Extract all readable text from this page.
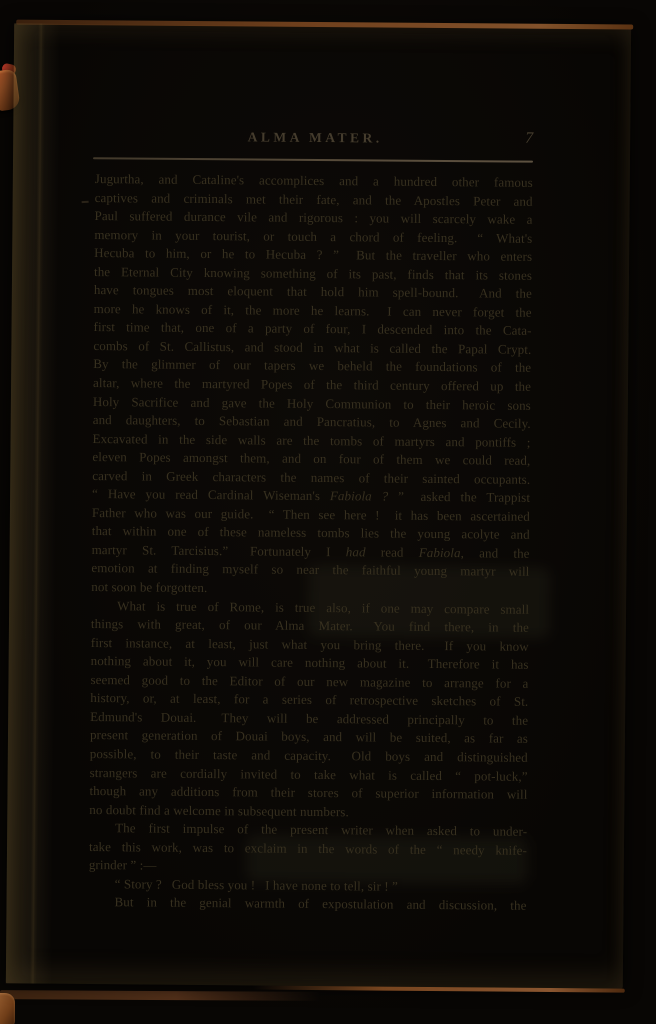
ALMA MATER.	7
Jugurtha, and Cataline's accomplices and a hundred other famous
captives and criminals met their fate, and the Apostles Peter and
Paul suffered durance vile and rigorous : you will scarcely wake a
memory in your tourist, or touch a chord of feeling.  “ What's
Hecuba to him, or he to Hecuba ? ”  But the traveller who enters
the Eternal City knowing something of its past, finds that its stones
have tongues most eloquent that hold him spell-bound.  And the
more he knows of it, the more he learns.  I can never forget the
first time that, one of a party of four, I descended into the Cata-
combs of St. Callistus, and stood in what is called the Papal Crypt.
By the glimmer of our tapers we beheld the foundations of the
altar, where the martyred Popes of the third century offered up the
Holy Sacrifice and gave the Holy Communion to their heroic sons
and daughters, to Sebastian and Pancratius, to Agnes and Cecily.
Excavated in the side walls are the tombs of martyrs and pontiffs ;
eleven Popes amongst them, and on four of them we could read,
carved in Greek characters the names of their sainted occupants.
“ Have you read Cardinal Wiseman's Fabiola ? ”  asked the Trappist
Father who was our guide.  “ Then see here !  it has been ascertained
that within one of these nameless tombs lies the young acolyte and
martyr St. Tarcisius.”  Fortunately I had read Fabiola, and the
emotion at finding myself so near the faithful young martyr will
not soon be forgotten.
What is true of Rome, is true also, if one may compare small
things with great, of our Alma Mater.  You find there, in the
first instance, at least, just what you bring there.  If you know
nothing about it, you will care nothing about it.  Therefore it has
seemed good to the Editor of our new magazine to arrange for a
history, or, at least, for a series of retrospective sketches of St.
Edmund's Douai.  They will be addressed principally to the
present generation of Douai boys, and will be suited, as far as
possible, to their taste and capacity.  Old boys and distinguished
strangers are cordially invited to take what is called “ pot-luck,”
though any additions from their stores of superior information will
no doubt find a welcome in subsequent numbers.
The first impulse of the present writer when asked to under-
take this work, was to exclaim in the words of the “ needy knife-
grinder ” :—
“ Story ?  God bless you !  I have none to tell, sir ! ”
But in the genial warmth of expostulation and discussion, the
